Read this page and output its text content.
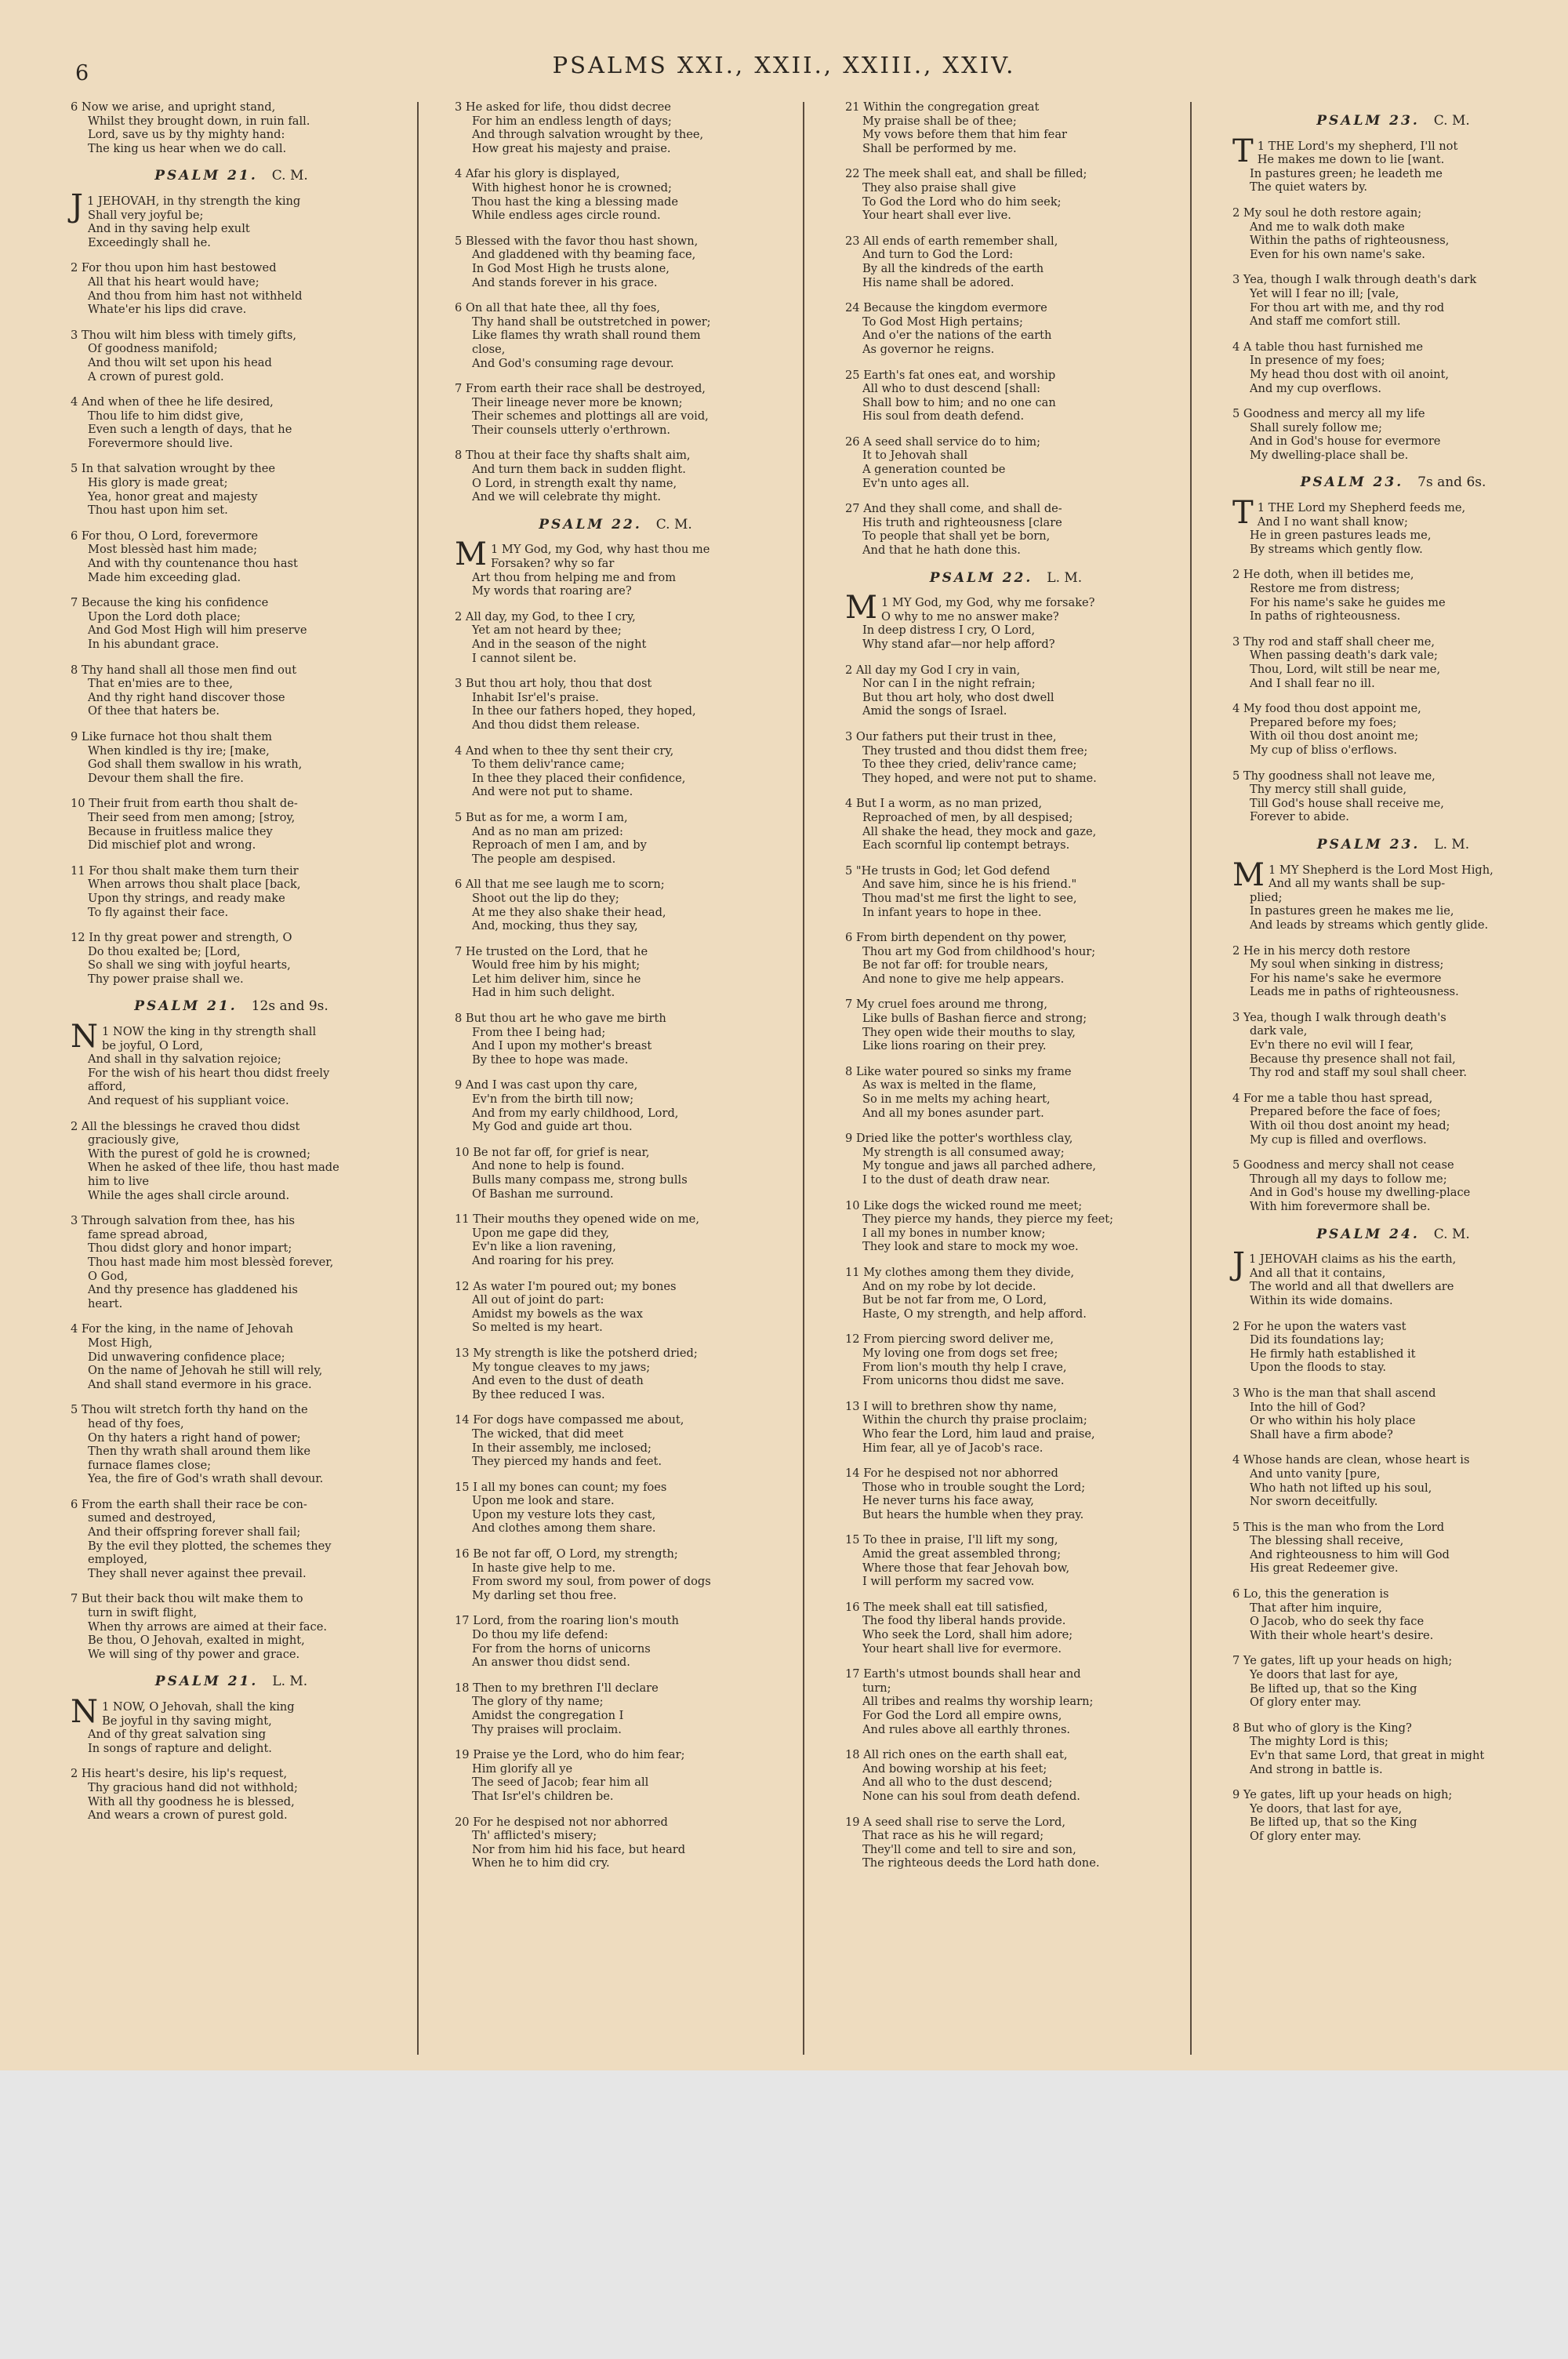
6	PSALMS XXI., XXII., XXIII., XXIV.
6 Now we arise, and upright stand,
Whilst they brought down, in ruin fall.
Lord, save us by thy mighty hand:
The king us hear when we do call.
PSALM 21. C. M.
J 1 JEHOVAH, in thy strength the king
Shall very joyful be;
And in thy saving help exult
Exceedingly shall he.
2 For thou upon him hast bestowed
All that his heart would have;
And thou from him hast not withheld
Whate'er his lips did crave.
3 Thou wilt him bless with timely gifts,
Of goodness manifold;
And thou wilt set upon his head
A crown of purest gold.
4 And when of thee he life desired,
Thou life to him didst give,
Even such a length of days, that he
Forevermore should live.
5 In that salvation wrought by thee
His glory is made great;
Yea, honor great and majesty
Thou hast upon him set.
6 For thou, O Lord, forevermore
Most blessèd hast him made;
And with thy countenance thou hast
Made him exceeding glad.
7 Because the king his confidence
Upon the Lord doth place;
And God Most High will him preserve
In his abundant grace.
8 Thy hand shall all those men find out
That en'mies are to thee,
And thy right hand discover those
Of thee that haters be.
9 Like furnace hot thou shalt them
When kindled is thy ire; [make,
God shall them swallow in his wrath,
Devour them shall the fire.
10 Their fruit from earth thou shalt de-
Their seed from men among; [stroy,
Because in fruitless malice they
Did mischief plot and wrong.
11 For thou shalt make them turn their
When arrows thou shalt place [back,
Upon thy strings, and ready make
To fly against their face.
12 In thy great power and strength, O
Do thou exalted be; [Lord,
So shall we sing with joyful hearts,
Thy power praise shall we.
PSALM 21. 12s and 9s.
N 1 NOW the king in thy strength shall
be joyful, O Lord,
And shall in thy salvation rejoice;
For the wish of his heart thou didst freely
afford,
And request of his suppliant voice.
2 All the blessings he craved thou didst
graciously give,
With the purest of gold he is crowned;
When he asked of thee life, thou hast made
him to live
While the ages shall circle around.
3 Through salvation from thee, has his
fame spread abroad,
Thou didst glory and honor impart;
Thou hast made him most blessèd forever,
O God,
And thy presence has gladdened his
heart.
4 For the king, in the name of Jehovah
Most High,
Did unwavering confidence place;
On the name of Jehovah he still will rely,
And shall stand evermore in his grace.
5 Thou wilt stretch forth thy hand on the
head of thy foes,
On thy haters a right hand of power;
Then thy wrath shall around them like
furnace flames close;
Yea, the fire of God's wrath shall devour.
6 From the earth shall their race be con-
sumed and destroyed,
And their offspring forever shall fail;
By the evil they plotted, the schemes they
employed,
They shall never against thee prevail.
7 But their back thou wilt make them to
turn in swift flight,
When thy arrows are aimed at their face.
Be thou, O Jehovah, exalted in might,
We will sing of thy power and grace.
PSALM 21. L. M.
N 1 NOW, O Jehovah, shall the king
Be joyful in thy saving might,
And of thy great salvation sing
In songs of rapture and delight.
2 His heart's desire, his lip's request,
Thy gracious hand did not withhold;
With all thy goodness he is blessed,
And wears a crown of purest gold.
3 He asked for life, thou didst decree
For him an endless length of days;
And through salvation wrought by thee,
How great his majesty and praise.
4 Afar his glory is displayed,
With highest honor he is crowned;
Thou hast the king a blessing made
While endless ages circle round.
5 Blessed with the favor thou hast shown,
And gladdened with thy beaming face,
In God Most High he trusts alone,
And stands forever in his grace.
6 On all that hate thee, all thy foes,
Thy hand shall be outstretched in power;
Like flames thy wrath shall round them
close,
And God's consuming rage devour.
7 From earth their race shall be destroyed,
Their lineage never more be known;
Their schemes and plottings all are void,
Their counsels utterly o'erthrown.
8 Thou at their face thy shafts shalt aim,
And turn them back in sudden flight.
O Lord, in strength exalt thy name,
And we will celebrate thy might.
PSALM 22. C. M.
M 1 MY God, my God, why hast thou me
Forsaken? why so far
Art thou from helping me and from
My words that roaring are?
2 All day, my God, to thee I cry,
Yet am not heard by thee;
And in the season of the night
I cannot silent be.
3 But thou art holy, thou that dost
Inhabit Isr'el's praise.
In thee our fathers hoped, they hoped,
And thou didst them release.
4 And when to thee thy sent their cry,
To them deliv'rance came;
In thee they placed their confidence,
And were not put to shame.
5 But as for me, a worm I am,
And as no man am prized:
Reproach of men I am, and by
The people am despised.
6 All that me see laugh me to scorn;
Shoot out the lip do they;
At me they also shake their head,
And, mocking, thus they say,
7 He trusted on the Lord, that he
Would free him by his might;
Let him deliver him, since he
Had in him such delight.
8 But thou art he who gave me birth
From thee I being had;
And I upon my mother's breast
By thee to hope was made.
9 And I was cast upon thy care,
Ev'n from the birth till now;
And from my early childhood, Lord,
My God and guide art thou.
10 Be not far off, for grief is near,
And none to help is found.
Bulls many compass me, strong bulls
Of Bashan me surround.
11 Their mouths they opened wide on me,
Upon me gape did they,
Ev'n like a lion ravening,
And roaring for his prey.
12 As water I'm poured out; my bones
All out of joint do part:
Amidst my bowels as the wax
So melted is my heart.
13 My strength is like the potsherd dried;
My tongue cleaves to my jaws;
And even to the dust of death
By thee reduced I was.
14 For dogs have compassed me about,
The wicked, that did meet
In their assembly, me inclosed;
They pierced my hands and feet.
15 I all my bones can count; my foes
Upon me look and stare.
Upon my vesture lots they cast,
And clothes among them share.
16 Be not far off, O Lord, my strength;
In haste give help to me.
From sword my soul, from power of dogs
My darling set thou free.
17 Lord, from the roaring lion's mouth
Do thou my life defend:
For from the horns of unicorns
An answer thou didst send.
18 Then to my brethren I'll declare
The glory of thy name;
Amidst the congregation I
Thy praises will proclaim.
19 Praise ye the Lord, who do him fear;
Him glorify all ye
The seed of Jacob; fear him all
That Isr'el's children be.
20 For he despised not nor abhorred
Th' afflicted's misery;
Nor from him hid his face, but heard
When he to him did cry.
21 Within the congregation great
My praise shall be of thee;
My vows before them that him fear
Shall be performed by me.
22 The meek shall eat, and shall be filled;
They also praise shall give
To God the Lord who do him seek;
Your heart shall ever live.
23 All ends of earth remember shall,
And turn to God the Lord:
By all the kindreds of the earth
His name shall be adored.
24 Because the kingdom evermore
To God Most High pertains;
And o'er the nations of the earth
As governor he reigns.
25 Earth's fat ones eat, and worship
All who to dust descend [shall:
Shall bow to him; and no one can
His soul from death defend.
26 A seed shall service do to him;
It to Jehovah shall
A generation counted be
Ev'n unto ages all.
27 And they shall come, and shall de-
His truth and righteousness [clare
To people that shall yet be born,
And that he hath done this.
PSALM 22. L. M.
M 1 MY God, my God, why me forsake?
O why to me no answer make?
In deep distress I cry, O Lord,
Why stand afar—nor help afford?
2 All day my God I cry in vain,
Nor can I in the night refrain;
But thou art holy, who dost dwell
Amid the songs of Israel.
3 Our fathers put their trust in thee,
They trusted and thou didst them free;
To thee they cried, deliv'rance came;
They hoped, and were not put to shame.
4 But I a worm, as no man prized,
Reproached of men, by all despised;
All shake the head, they mock and gaze,
Each scornful lip contempt betrays.
5 "He trusts in God; let God defend
And save him, since he is his friend."
Thou mad'st me first the light to see,
In infant years to hope in thee.
6 From birth dependent on thy power,
Thou art my God from childhood's hour;
Be not far off: for trouble nears,
And none to give me help appears.
7 My cruel foes around me throng,
Like bulls of Bashan fierce and strong;
They open wide their mouths to slay,
Like lions roaring on their prey.
8 Like water poured so sinks my frame
As wax is melted in the flame,
So in me melts my aching heart,
And all my bones asunder part.
9 Dried like the potter's worthless clay,
My strength is all consumed away;
My tongue and jaws all parched adhere,
I to the dust of death draw near.
10 Like dogs the wicked round me meet;
They pierce my hands, they pierce my feet;
I all my bones in number know;
They look and stare to mock my woe.
11 My clothes among them they divide,
And on my robe by lot decide.
But be not far from me, O Lord,
Haste, O my strength, and help afford.
12 From piercing sword deliver me,
My loving one from dogs set free;
From lion's mouth thy help I crave,
From unicorns thou didst me save.
13 I will to brethren show thy name,
Within the church thy praise proclaim;
Who fear the Lord, him laud and praise,
Him fear, all ye of Jacob's race.
14 For he despised not nor abhorred
Those who in trouble sought the Lord;
He never turns his face away,
But hears the humble when they pray.
15 To thee in praise, I'll lift my song,
Amid the great assembled throng;
Where those that fear Jehovah bow,
I will perform my sacred vow.
16 The meek shall eat till satisfied,
The food thy liberal hands provide.
Who seek the Lord, shall him adore;
Your heart shall live for evermore.
17 Earth's utmost bounds shall hear and
turn;
All tribes and realms thy worship learn;
For God the Lord all empire owns,
And rules above all earthly thrones.
18 All rich ones on the earth shall eat,
And bowing worship at his feet;
And all who to the dust descend;
None can his soul from death defend.
19 A seed shall rise to serve the Lord,
That race as his he will regard;
They'll come and tell to sire and son,
The righteous deeds the Lord hath done.
PSALM 23. C. M.
T 1 THE Lord's my shepherd, I'll not
He makes me down to lie [want.
In pastures green; he leadeth me
The quiet waters by.
2 My soul he doth restore again;
And me to walk doth make
Within the paths of righteousness,
Even for his own name's sake.
3 Yea, though I walk through death's dark
Yet will I fear no ill; [vale,
For thou art with me, and thy rod
And staff me comfort still.
4 A table thou hast furnished me
In presence of my foes;
My head thou dost with oil anoint,
And my cup overflows.
5 Goodness and mercy all my life
Shall surely follow me;
And in God's house for evermore
My dwelling-place shall be.
PSALM 23. 7s and 6s.
T 1 THE Lord my Shepherd feeds me,
And I no want shall know;
He in green pastures leads me,
By streams which gently flow.
2 He doth, when ill betides me,
Restore me from distress;
For his name's sake he guides me
In paths of righteousness.
3 Thy rod and staff shall cheer me,
When passing death's dark vale;
Thou, Lord, wilt still be near me,
And I shall fear no ill.
4 My food thou dost appoint me,
Prepared before my foes;
With oil thou dost anoint me;
My cup of bliss o'erflows.
5 Thy goodness shall not leave me,
Thy mercy still shall guide,
Till God's house shall receive me,
Forever to abide.
PSALM 23. L. M.
M 1 MY Shepherd is the Lord Most High,
And all my wants shall be sup-
plied;
In pastures green he makes me lie,
And leads by streams which gently glide.
2 He in his mercy doth restore
My soul when sinking in distress;
For his name's sake he evermore
Leads me in paths of righteousness.
3 Yea, though I walk through death's
dark vale,
Ev'n there no evil will I fear,
Because thy presence shall not fail,
Thy rod and staff my soul shall cheer.
4 For me a table thou hast spread,
Prepared before the face of foes;
With oil thou dost anoint my head;
My cup is filled and overflows.
5 Goodness and mercy shall not cease
Through all my days to follow me;
And in God's house my dwelling-place
With him forevermore shall be.
PSALM 24. C. M.
J 1 JEHOVAH claims as his the earth,
And all that it contains,
The world and all that dwellers are
Within its wide domains.
2 For he upon the waters vast
Did its foundations lay;
He firmly hath established it
Upon the floods to stay.
3 Who is the man that shall ascend
Into the hill of God?
Or who within his holy place
Shall have a firm abode?
4 Whose hands are clean, whose heart is
And unto vanity [pure,
Who hath not lifted up his soul,
Nor sworn deceitfully.
5 This is the man who from the Lord
The blessing shall receive,
And righteousness to him will God
His great Redeemer give.
6 Lo, this the generation is
That after him inquire,
O Jacob, who do seek thy face
With their whole heart's desire.
7 Ye gates, lift up your heads on high;
Ye doors that last for aye,
Be lifted up, that so the King
Of glory enter may.
8 But who of glory is the King?
The mighty Lord is this;
Ev'n that same Lord, that great in might
And strong in battle is.
9 Ye gates, lift up your heads on high;
Ye doors, that last for aye,
Be lifted up, that so the King
Of glory enter may.
